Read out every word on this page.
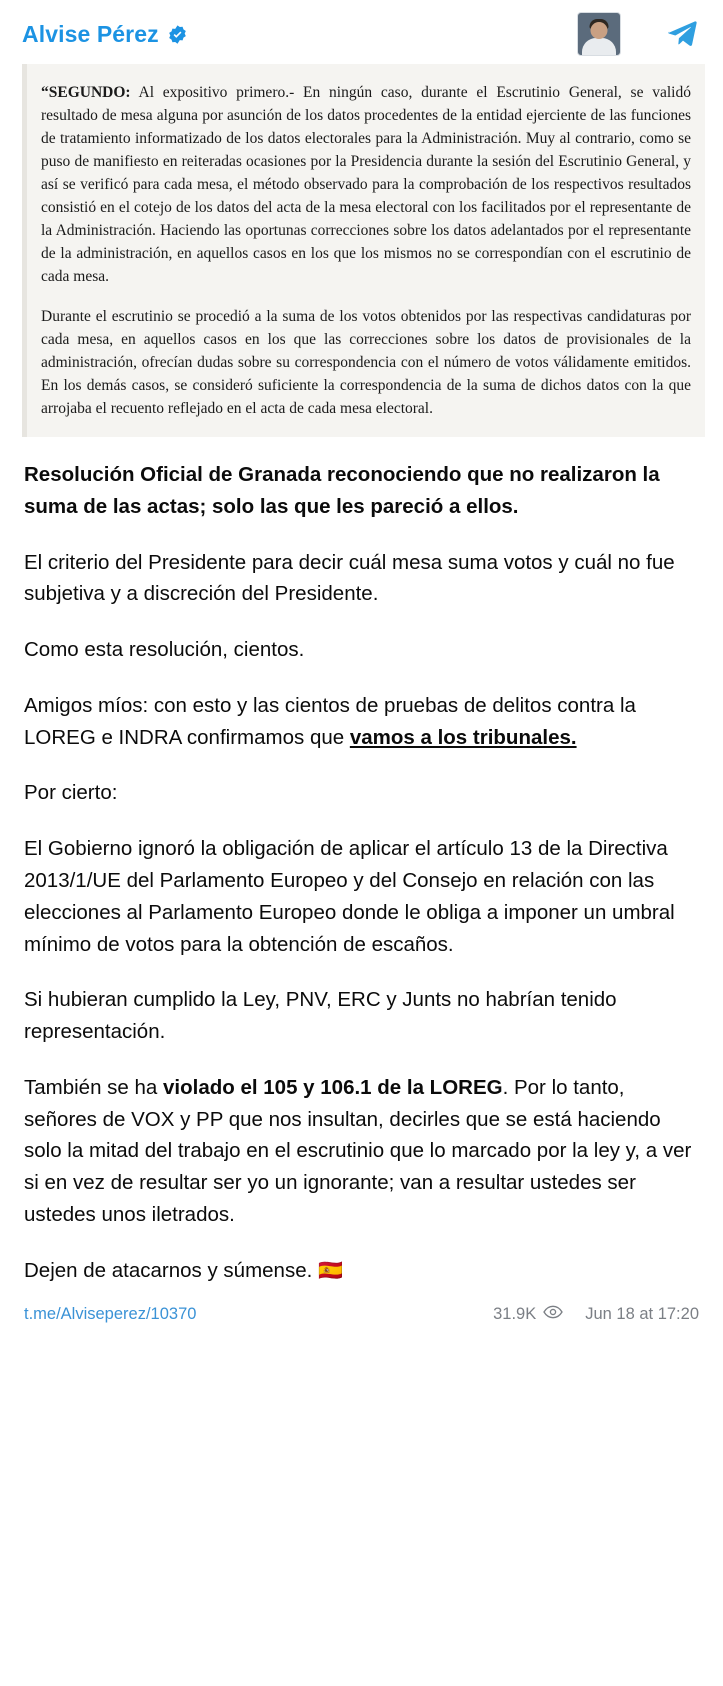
Alvise Pérez

“SEGUNDO: Al expositivo primero.- En ningún caso, durante el Escrutinio General, se validó resultado de mesa alguna por asunción de los datos procedentes de la entidad ejerciente de las funciones de tratamiento informatizado de los datos electorales para la Administración. Muy al contrario, como se puso de manifiesto en reiteradas ocasiones por la Presidencia durante la sesión del Escrutinio General, y así se verificó para cada mesa, el método observado para la comprobación de los respectivos resultados consistió en el cotejo de los datos del acta de la mesa electoral con los facilitados por el representante de la Administración. Haciendo las oportunas correcciones sobre los datos adelantados por el representante de la administración, en aquellos casos en los que los mismos no se correspondían con el escrutinio de cada mesa.

Durante el escrutinio se procedió a la suma de los votos obtenidos por las respectivas candidaturas por cada mesa, en aquellos casos en los que las correcciones sobre los datos de provisionales de la administración, ofrecían dudas sobre su correspondencia con el número de votos válidamente emitidos. En los demás casos, se consideró suficiente la correspondencia de la suma de dichos datos con la que arrojaba el recuento reflejado en el acta de cada mesa electoral.

Resolución Oficial de Granada reconociendo que no realizaron la suma de las actas; solo las que les pareció a ellos.

El criterio del Presidente para decir cuál mesa suma votos y cuál no fue subjetiva y a discreción del Presidente.

Como esta resolución, cientos.

Amigos míos: con esto y las cientos de pruebas de delitos contra la LOREG e INDRA confirmamos que vamos a los tribunales.

Por cierto:

El Gobierno ignoró la obligación de aplicar el artículo 13 de la Directiva 2013/1/UE del Parlamento Europeo y del Consejo en relación con las elecciones al Parlamento Europeo donde le obliga a imponer un umbral mínimo de votos para la obtención de escaños.

Si hubieran cumplido la Ley, PNV, ERC y Junts no habrían tenido representación.

También se ha violado el 105 y 106.1 de la LOREG. Por lo tanto, señores de VOX y PP que nos insultan, decirles que se está haciendo solo la mitad del trabajo en el escrutinio que lo marcado por la ley y, a ver si en vez de resultar ser yo un ignorante; van a resultar ustedes ser ustedes unos iletrados.

Dejen de atacarnos y súmense. 🇪🇸

t.me/Alviseperez/10370	31.9K	Jun 18 at 17:20
